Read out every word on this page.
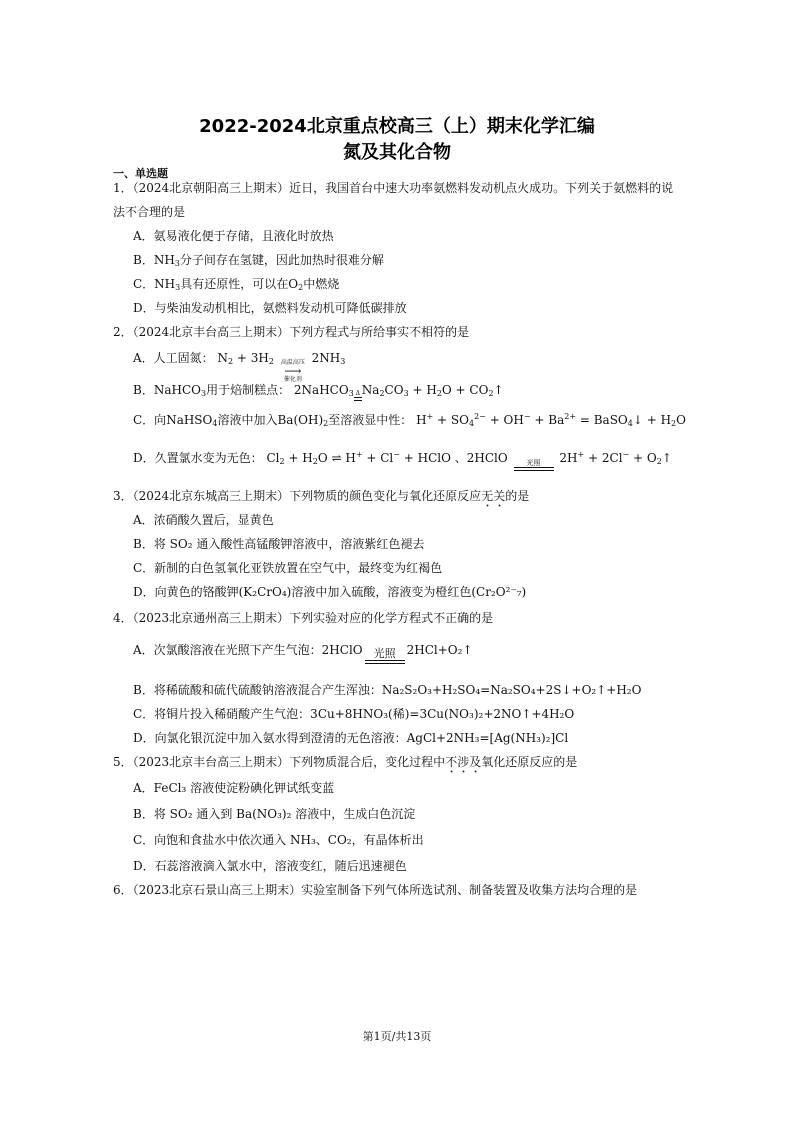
2022-2024北京重点校高三（上）期末化学汇编
氮及其化合物
一、单选题
1．（2024北京朝阳高三上期末）近日，我国首台中速大功率氨燃料发动机点火成功。下列关于氨燃料的说
法不合理的是
A．氨易液化便于存储，且液化时放热
B．$NH_3$分子间存在氢键，因此加热时很难分解
C．$NH_3$具有还原性，可以在$O_2$中燃烧
D．与柴油发动机相比，氨燃料发动机可降低碳排放
2．（2024北京丰台高三上期末）下列方程式与所给事实不相符的是
A．人工固氮： $N_2 + 3H_2$ 高温高压
⟶
催化剂
$2NH_3$
B．NaHCO$_3$用于焙制糕点： 2NaHCO$_3$ Δ $Na_2CO_3 + H_2O$ + $CO_2↑$
C．向NaHSO$_4$溶液中加入$Ba(OH)_2$至溶液显中性： $H^+ + SO_4^{2-} + OH^- + Ba^{2+}$ = BaSO$_4$↓ + $H_2O$
D．久置氯水变为无色： $Cl_2 + H_2O$ ⇌ H+ + Cl− + HClO 、2HClO	光照 $2H^+ + 2Cl^- + O_2↑$
3．（2024北京东城高三上期末）下列物质的颜色变化与氧化还原反应无关的是
A．浓硝酸久置后，显黄色
B．将 SO₂ 通入酸性高锰酸钾溶液中，溶液紫红色褪去
C．新制的白色氢氧化亚铁放置在空气中，最终变为红褐色
D．向黄色的铬酸钾(K₂CrO₄)溶液中加入硫酸，溶液变为橙红色(Cr₂O²⁻₇)
4．（2023北京通州高三上期末）下列实验对应的化学方程式不正确的是
A．次氯酸溶液在光照下产生气泡：2HClO 光照 2HCl+O₂↑
B．将稀硫酸和硫代硫酸钠溶液混合产生浑浊：Na₂S₂O₃+H₂SO₄=Na₂SO₄+2S↓+O₂↑+H₂O
C．将铜片投入稀硝酸产生气泡：3Cu+8HNO₃(稀)=3Cu(NO₃)₂+2NO↑+4H₂O
D．向氯化银沉淀中加入氨水得到澄清的无色溶液：AgCl+2NH₃=[Ag(NH₃)₂]Cl
5．（2023北京丰台高三上期末）下列物质混合后，变化过程中不涉及氧化还原反应的是
A．FeCl₃ 溶液使淀粉碘化钾试纸变蓝
B．将 SO₂ 通入到 Ba(NO₃)₂ 溶液中，生成白色沉淀
C．向饱和食盐水中依次通入 NH₃、CO₂，有晶体析出
D．石蕊溶液滴入氯水中，溶液变红，随后迅速褪色
6．（2023北京石景山高三上期末）实验室制备下列气体所选试剂、制备装置及收集方法均合理的是
第1页/共13页
